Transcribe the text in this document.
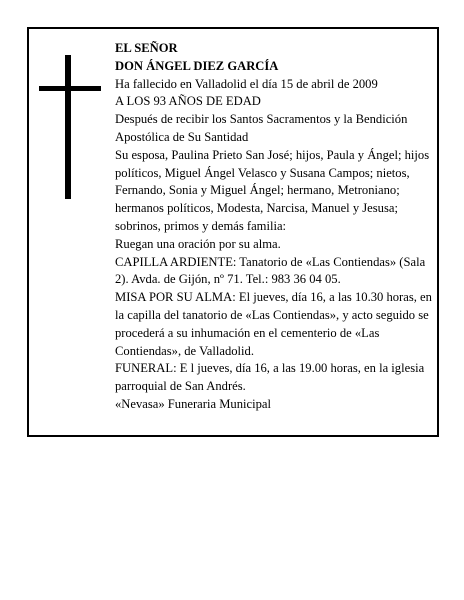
EL SEÑOR

DON ÁNGEL DIEZ GARCÍA

Ha fallecido en Valladolid el día 15 de abril de 2009

A LOS 93 AÑOS DE EDAD

Después de recibir los Santos Sacramentos y la Bendición Apostólica de Su Santidad

Su esposa, Paulina Prieto San José; hijos, Paula y Ángel; hijos políticos, Miguel Ángel Velasco y Susana Campos; nietos, Fernando, Sonia y Miguel Ángel; hermano, Metroniano; hermanos políticos, Modesta, Narcisa, Manuel y Jesusa; sobrinos, primos y demás familia:

Ruegan una oración por su alma.

CAPILLA ARDIENTE: Tanatorio de «Las Contiendas» (Sala 2). Avda. de Gijón, nº 71. Tel.: 983 36 04 05.

MISA POR SU ALMA: El jueves, día 16, a las 10.30 horas, en la capilla del tanatorio de «Las Contiendas», y acto seguido se procederá a su inhumación en el cementerio de «Las Contiendas», de Valladolid.

FUNERAL: E l jueves, día 16, a las 19.00 horas, en la iglesia parroquial de San Andrés.

«Nevasa» Funeraria Municipal
